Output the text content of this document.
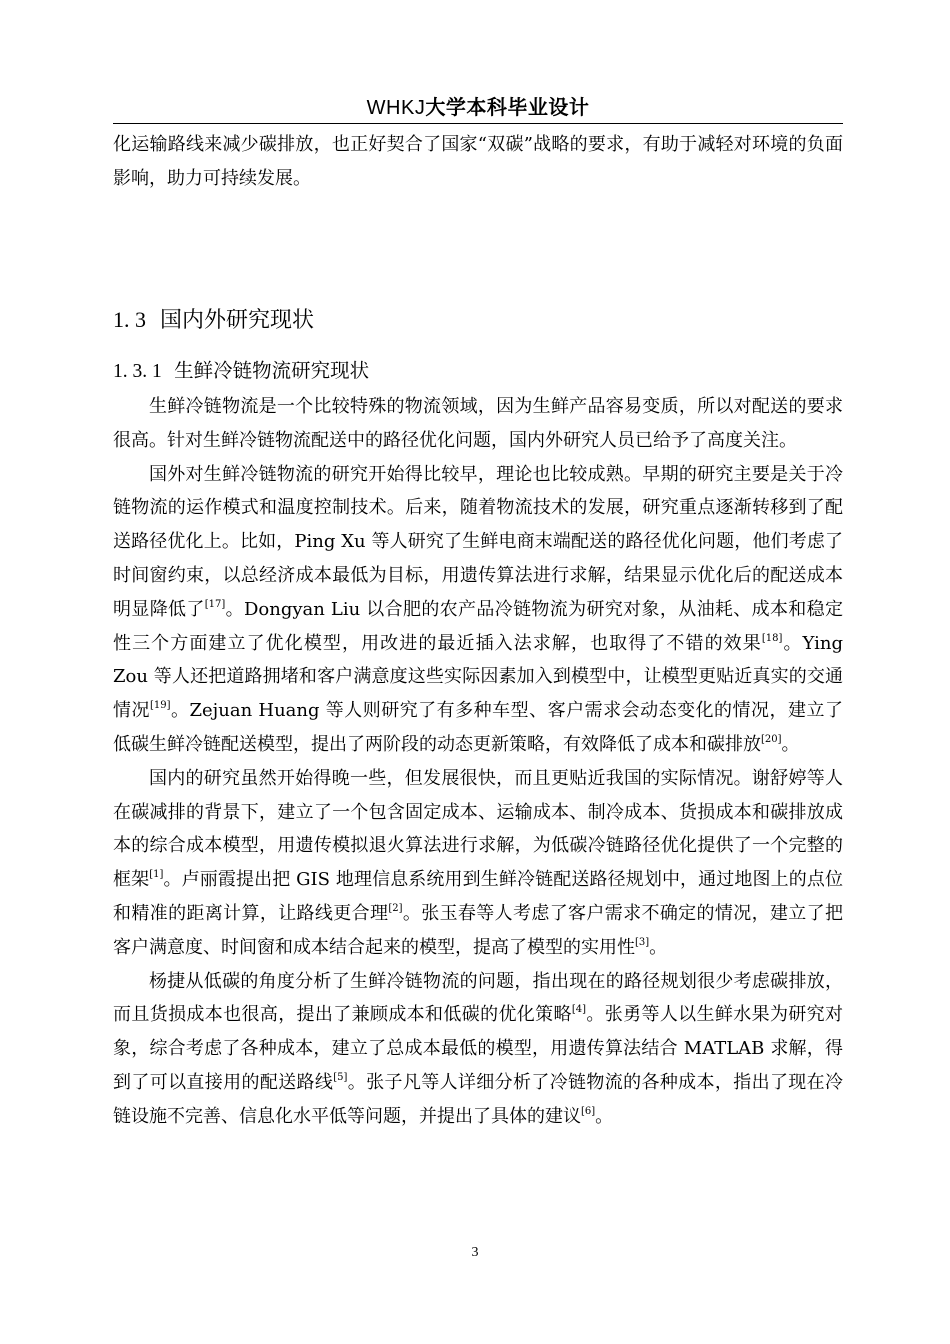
WHKJ大学本科毕业设计

化运输路线来减少碳排放，也正好契合了国家“双碳”战略的要求，有助于减轻对环境的负面影响，助力可持续发展。

1. 3 国内外研究现状
1. 3. 1 生鲜冷链物流研究现状

生鲜冷链物流是一个比较特殊的物流领域，因为生鲜产品容易变质，所以对配送的要求很高。针对生鲜冷链物流配送中的路径优化问题，国内外研究人员已给予了高度关注。

国外对生鲜冷链物流的研究开始得比较早，理论也比较成熟。早期的研究主要是关于冷链物流的运作模式和温度控制技术。后来，随着物流技术的发展，研究重点逐渐转移到了配送路径优化上。比如，Ping Xu 等人研究了生鲜电商末端配送的路径优化问题，他们考虑了时间窗约束，以总经济成本最低为目标，用遗传算法进行求解，结果显示优化后的配送成本明显降低了[17]。Dongyan Liu 以合肥的农产品冷链物流为研究对象，从油耗、成本和稳定性三个方面建立了优化模型，用改进的最近插入法求解，也取得了不错的效果[18]。Ying Zou 等人还把道路拥堵和客户满意度这些实际因素加入到模型中，让模型更贴近真实的交通情况[19]。Zejuan Huang 等人则研究了有多种车型、客户需求会动态变化的情况，建立了低碳生鲜冷链配送模型，提出了两阶段的动态更新策略，有效降低了成本和碳排放[20]。

国内的研究虽然开始得晚一些，但发展很快，而且更贴近我国的实际情况。谢舒婷等人在碳减排的背景下，建立了一个包含固定成本、运输成本、制冷成本、货损成本和碳排放成本的综合成本模型，用遗传模拟退火算法进行求解，为低碳冷链路径优化提供了一个完整的框架[1]。卢丽霞提出把 GIS 地理信息系统用到生鲜冷链配送路径规划中，通过地图上的点位和精准的距离计算，让路线更合理[2]。张玉春等人考虑了客户需求不确定的情况，建立了把客户满意度、时间窗和成本结合起来的模型，提高了模型的实用性[3]。

杨捷从低碳的角度分析了生鲜冷链物流的问题，指出现在的路径规划很少考虑碳排放，而且货损成本也很高，提出了兼顾成本和低碳的优化策略[4]。张勇等人以生鲜水果为研究对象，综合考虑了各种成本，建立了总成本最低的模型，用遗传算法结合 MATLAB 求解，得到了可以直接用的配送路线[5]。张子凡等人详细分析了冷链物流的各种成本，指出了现在冷链设施不完善、信息化水平低等问题，并提出了具体的建议[6]。

3
